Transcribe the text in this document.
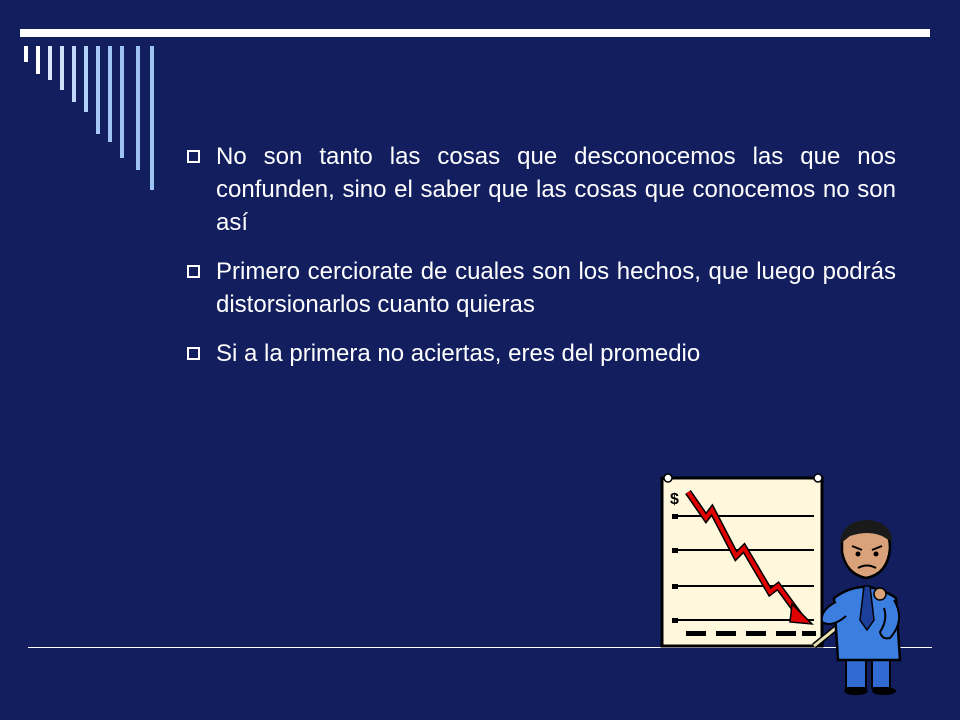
No son tanto las cosas que desconocemos las que nos confunden, sino el saber que las cosas que conocemos no son así
Primero cerciorate de cuales son los hechos, que luego podrás distorsionarlos cuanto quieras
Si a la primera no aciertas, eres del promedio
$
